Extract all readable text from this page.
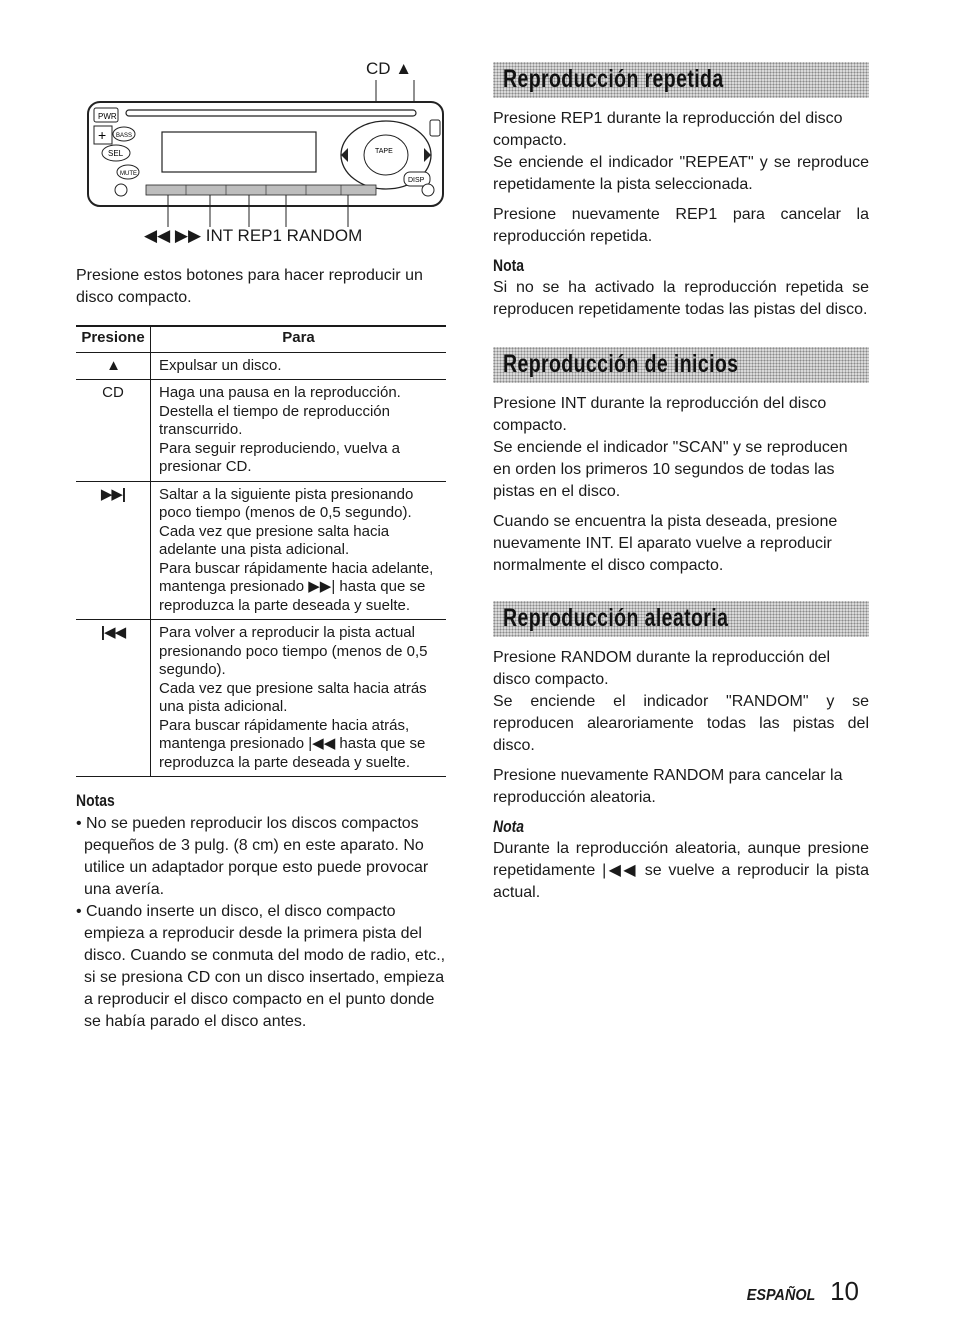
CD ▲
PWR
BASS
+
SEL
MUTE
TAPE
DISP
◀◀ ▶▶ INT REP1 RANDOM

Presione estos botones para hacer reproducir un disco compacto.

Presione	Para
▲	Expulsar un disco.

CD	Haga una pausa en la reproducción.
Destella el tiempo de reproducción transcurrido.
Para seguir reproduciendo, vuelva a presionar CD.

▶▶|	Saltar a la siguiente pista presionando poco tiempo (menos de 0,5 segundo).
Cada vez que presione salta hacia adelante una pista adicional.
Para buscar rápidamente hacia adelante, mantenga presionado ▶▶| hasta que se reproduzca la parte deseada y suelte.

|◀◀	Para volver a reproducir la pista actual presionando poco tiempo (menos de 0,5 segundo).
Cada vez que presione salta hacia atrás una pista adicional.
Para buscar rápidamente hacia atrás, mantenga presionado |◀◀ hasta que se reproduzca la parte deseada y suelte.
Notas

• No se pueden reproducir los discos compactos pequeños de 3 pulg. (8 cm) en este aparato. No utilice un adaptador porque esto puede provocar una avería.

• Cuando inserte un disco, el disco compacto empieza a reproducir desde la primera pista del disco. Cuando se conmuta del modo de radio, etc., si se presiona CD con un disco insertado, empieza a reproducir el disco compacto en el punto donde se había parado el disco antes.

Reproducción repetida

Presione REP1 durante la reproducción del disco compacto.

Se enciende el indicador "REPEAT" y se reproduce repetidamente la pista seleccionada.

Presione nuevamente REP1 para cancelar la reproducción repetida.

Nota

Si no se ha activado la reproducción repetida se reproducen repetidamente todas las pistas del disco.

Reproducción de inicios

Presione INT durante la reproducción del disco compacto.

Se enciende el indicador "SCAN" y se reproducen en orden los primeros 10 segundos de todas las pistas en el disco.

Cuando se encuentra la pista deseada, presione nuevamente INT. El aparato vuelve a reproducir normalmente el disco compacto.

Reproducción aleatoria

Presione RANDOM durante la reproducción del disco compacto.

Se enciende el indicador "RANDOM" y se reproducen alearoriamente todas las pistas del disco.

Presione nuevamente RANDOM para cancelar la reproducción aleatoria.

Nota

Durante la reproducción aleatoria, aunque presione repetidamente |◀◀ se vuelve a reproducir la pista actual.

ESPAÑOL 10
